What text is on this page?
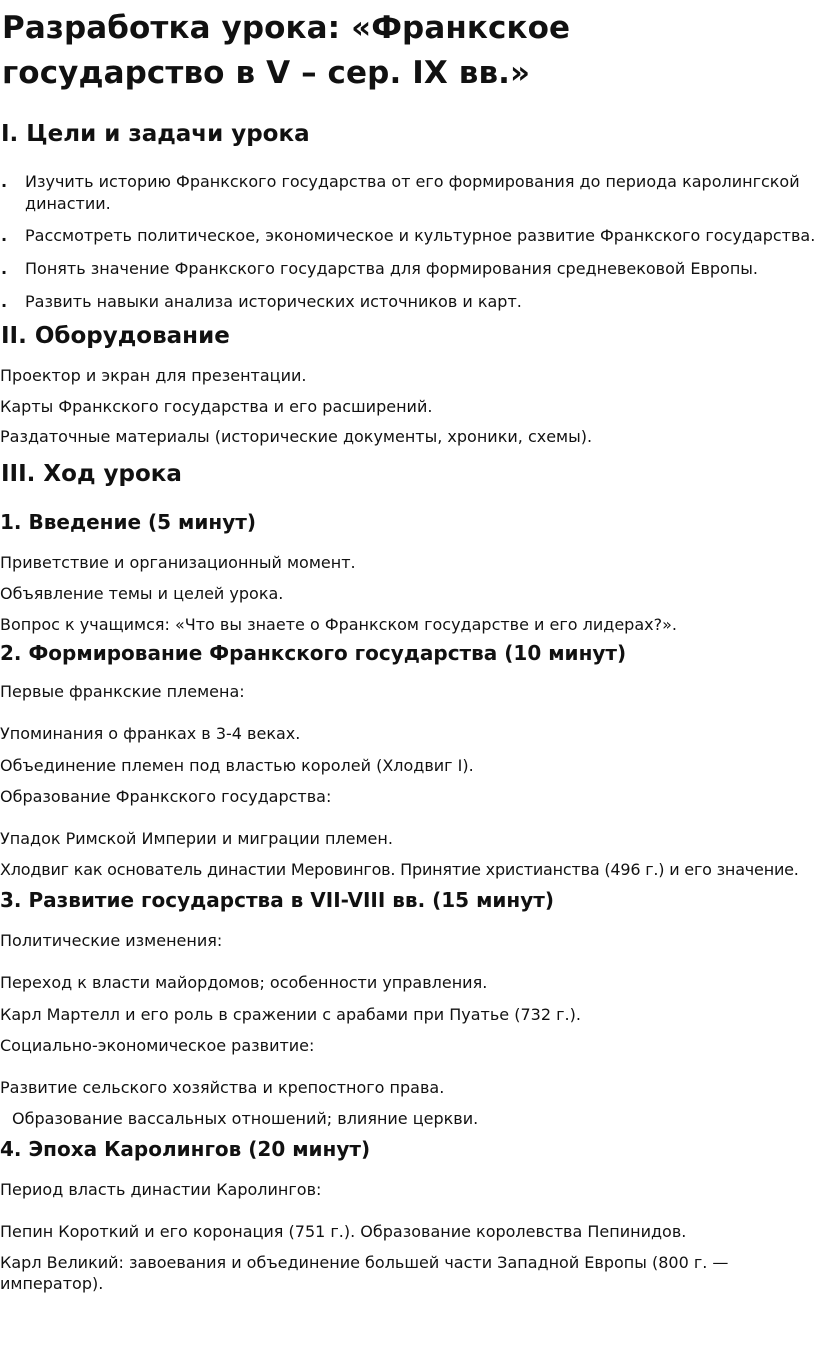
Разработка урока: «Франкское государство в V – сер. IX вв.»
I. Цели и задачи урока
.	Изучить историю Франкского государства от его формирования до периода каролингской династии.
.	Рассмотреть политическое, экономическое и культурное развитие Франкского государства.
.	Понять значение Франкского государства для формирования средневековой Европы.
.	Развить навыки анализа исторических источников и карт.
II. Оборудование

Проектор и экран для презентации.

Карты Франкского государства и его расширений.

Раздаточные материалы (исторические документы, хроники, схемы).

III. Ход урока
1. Введение (5 минут)

Приветствие и организационный момент.

Объявление темы и целей урока.

Вопрос к учащимся: «Что вы знаете о Франкском государстве и его лидерах?».

2. Формирование Франкского государства (10 минут)

Первые франкские племена:

Упоминания о франках в 3-4 веках.

Объединение племен под властью королей (Хлодвиг I).

Образование Франкского государства:

Упадок Римской Империи и миграции племен.

Хлодвиг как основатель династии Меровингов. Принятие христианства (496 г.) и его значение.

3. Развитие государства в VII-VIII вв. (15 минут)

Политические изменения:

Переход к власти майордомов; особенности управления.

Карл Мартелл и его роль в сражении с арабами при Пуатье (732 г.).

Социально-экономическое развитие:

Развитие сельского хозяйства и крепостного права.

Образование вассальных отношений; влияние церкви.

4. Эпоха Каролингов (20 минут)

Период власть династии Каролингов:

Пепин Короткий и его коронация (751 г.). Образование королевства Пепинидов.

Карл Великий: завоевания и объединение большей части Западной Европы (800 г. — император).
